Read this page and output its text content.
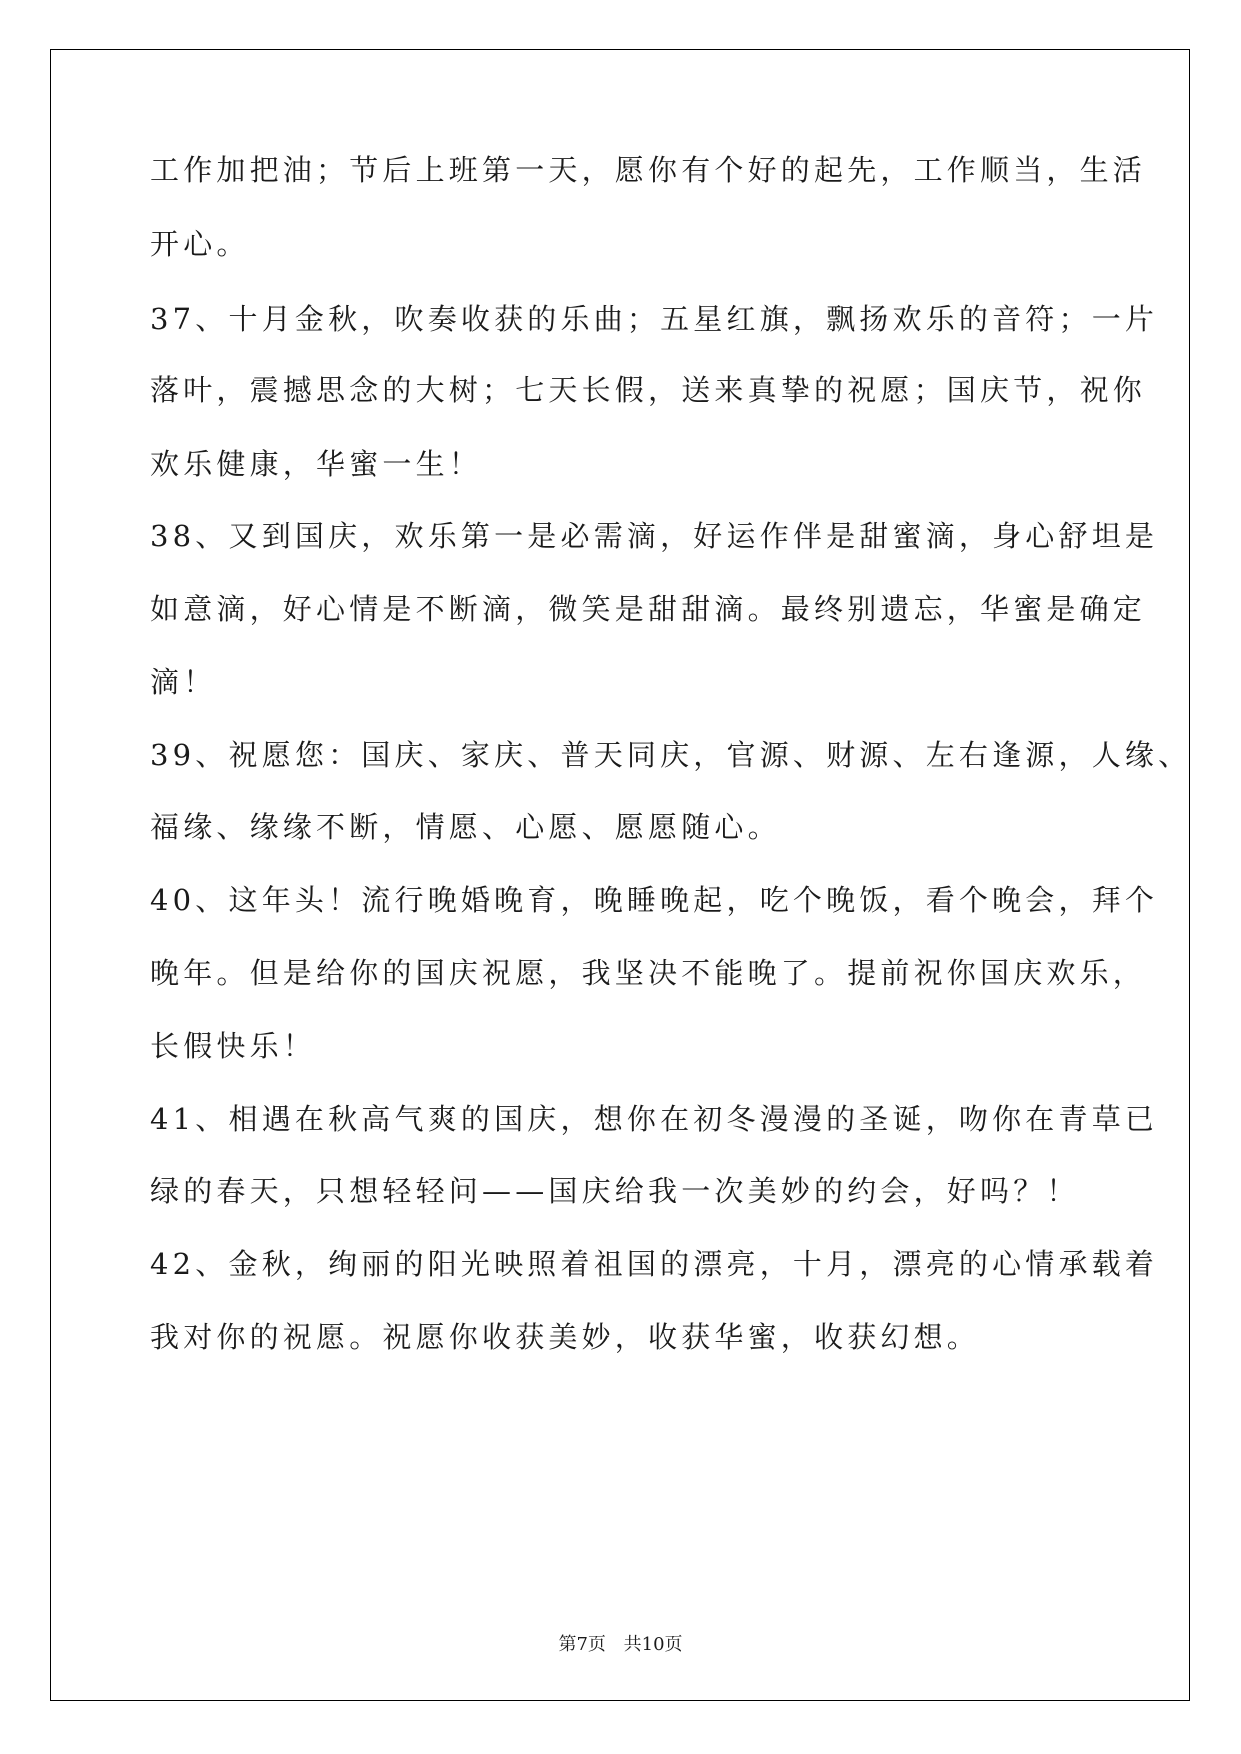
工作加把油；节后上班第一天，愿你有个好的起先，工作顺当，生活

开心。

37、十月金秋，吹奏收获的乐曲；五星红旗，飘扬欢乐的音符；一片

落叶，震撼思念的大树；七天长假，送来真挚的祝愿；国庆节，祝你

欢乐健康，华蜜一生！

38、又到国庆，欢乐第一是必需滴，好运作伴是甜蜜滴，身心舒坦是

如意滴，好心情是不断滴，微笑是甜甜滴。最终别遗忘，华蜜是确定

滴！

39、祝愿您：国庆、家庆、普天同庆，官源、财源、左右逢源，人缘、

福缘、缘缘不断，情愿、心愿、愿愿随心。

40、这年头！流行晚婚晚育，晚睡晚起，吃个晚饭，看个晚会，拜个

晚年。但是给你的国庆祝愿，我坚决不能晚了。提前祝你国庆欢乐，

长假快乐！

41、相遇在秋高气爽的国庆，想你在初冬漫漫的圣诞，吻你在青草已

绿的春天，只想轻轻问——国庆给我一次美妙的约会，好吗？！

42、金秋，绚丽的阳光映照着祖国的漂亮，十月，漂亮的心情承载着

我对你的祝愿。祝愿你收获美妙，收获华蜜，收获幻想。

第7页 共10页
